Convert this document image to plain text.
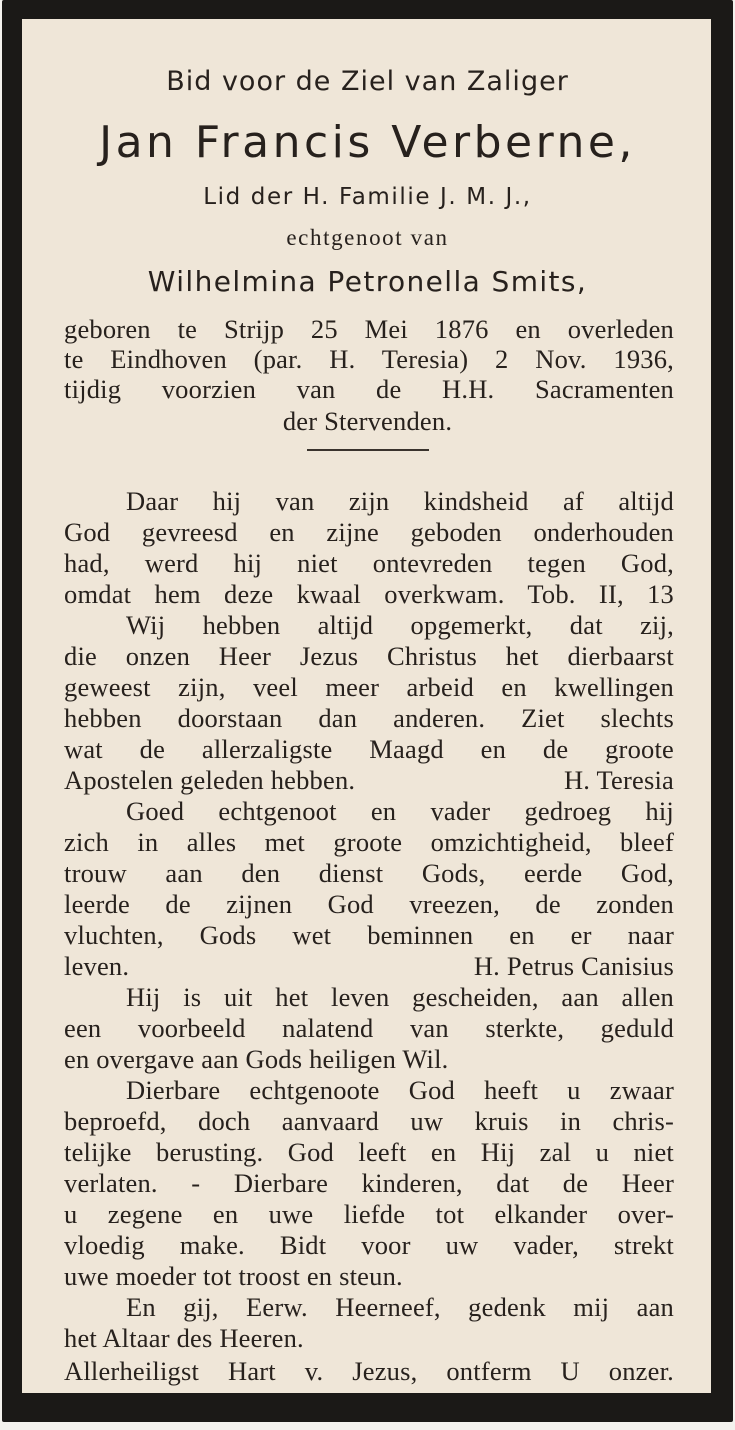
Bid voor de Ziel van Zaliger

Jan Francis Verberne,

Lid der H. Familie J. M. J.,

echtgenoot van

Wilhelmina Petronella Smits,

geboren te Strijp 25 Mei 1876 en overleden

te Eindhoven (par. H. Teresia) 2 Nov. 1936,

tijdig voorzien van de H.H. Sacramenten

der Stervenden.

Daar hij van zijn kindsheid af altijd

God gevreesd en zijne geboden onderhouden

had, werd hij niet ontevreden tegen God,

omdat hem deze kwaal overkwam. Tob. II, 13

Wij hebben altijd opgemerkt, dat zij,

die onzen Heer Jezus Christus het dierbaarst

geweest zijn, veel meer arbeid en kwellingen

hebben doorstaan dan anderen. Ziet slechts

wat de allerzaligste Maagd en de groote

Apostelen geleden hebben.	H. Teresia

Goed echtgenoot en vader gedroeg hij

zich in alles met groote omzichtigheid, bleef

trouw aan den dienst Gods, eerde God,

leerde de zijnen God vreezen, de zonden

vluchten, Gods wet beminnen en er naar

leven.	H. Petrus Canisius

Hij is uit het leven gescheiden, aan allen

een voorbeeld nalatend van sterkte, geduld

en overgave aan Gods heiligen Wil.

Dierbare echtgenoote God heeft u zwaar

beproefd, doch aanvaard uw kruis in chris-

telijke berusting. God leeft en Hij zal u niet

verlaten. - Dierbare kinderen, dat de Heer

u zegene en uwe liefde tot elkander over-

vloedig make. Bidt voor uw vader, strekt

uwe moeder tot troost en steun.

En gij, Eerw. Heerneef, gedenk mij aan

het Altaar des Heeren.

Allerheiligst Hart v. Jezus, ontferm U onzer.
